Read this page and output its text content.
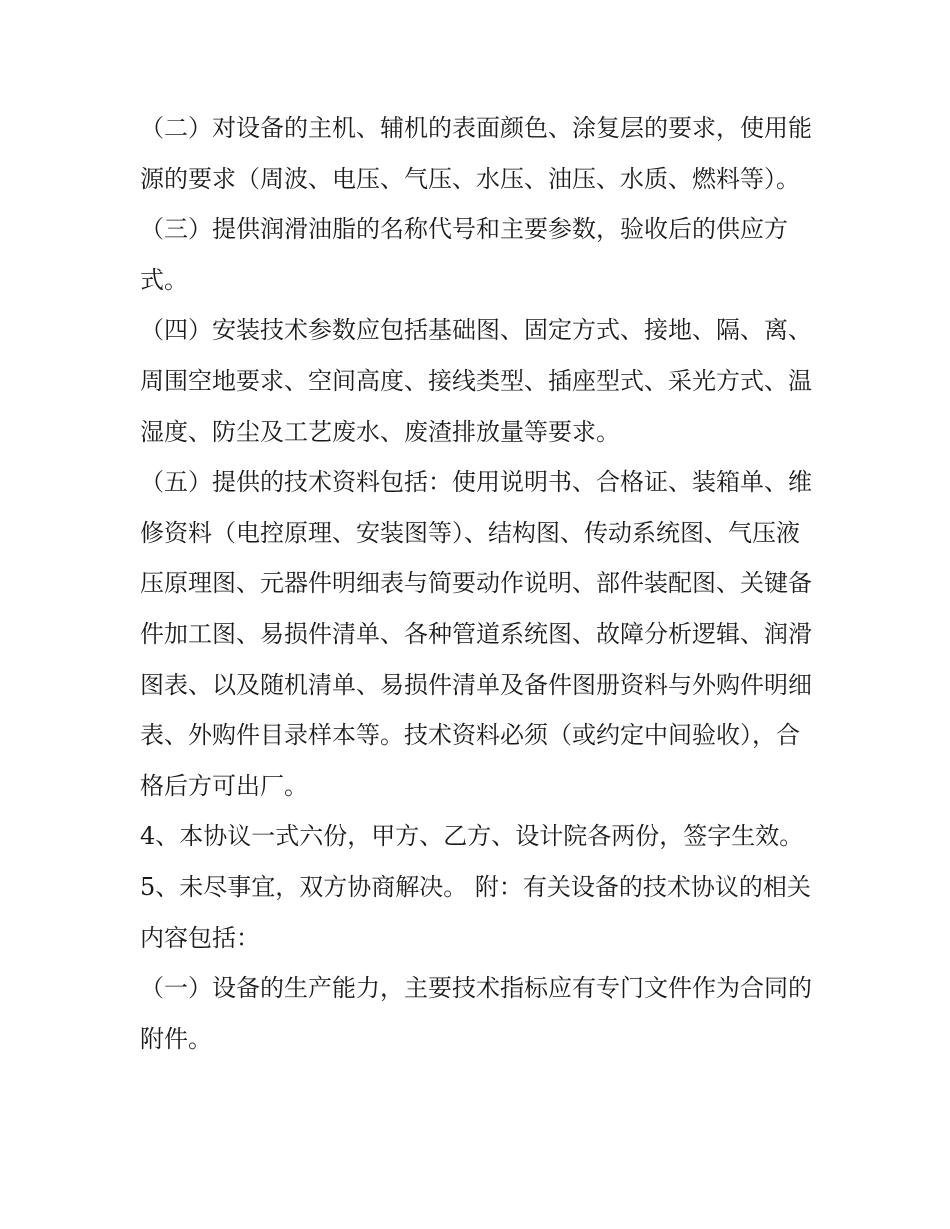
（二）对设备的主机、辅机的表面颜色、涂复层的要求，使用能源的要求（周波、电压、气压、水压、油压、水质、燃料等）。

（三）提供润滑油脂的名称代号和主要参数，验收后的供应方式。

（四）安装技术参数应包括基础图、固定方式、接地、隔、离、周围空地要求、空间高度、接线类型、插座型式、采光方式、温湿度、防尘及工艺废水、废渣排放量等要求。

（五）提供的技术资料包括：使用说明书、合格证、装箱单、维修资料（电控原理、安装图等）、结构图、传动系统图、气压液压原理图、元器件明细表与简要动作说明、部件装配图、关键备件加工图、易损件清单、各种管道系统图、故障分析逻辑、润滑图表、以及随机清单、易损件清单及备件图册资料与外购件明细表、外购件目录样本等。技术资料必须（或约定中间验收），合格后方可出厂。

4、本协议一式六份，甲方、乙方、设计院各两份，签字生效。 5、未尽事宜，双方协商解决。 附：有关设备的技术协议的相关内容包括：

（一）设备的生产能力，主要技术指标应有专门文件作为合同的附件。
